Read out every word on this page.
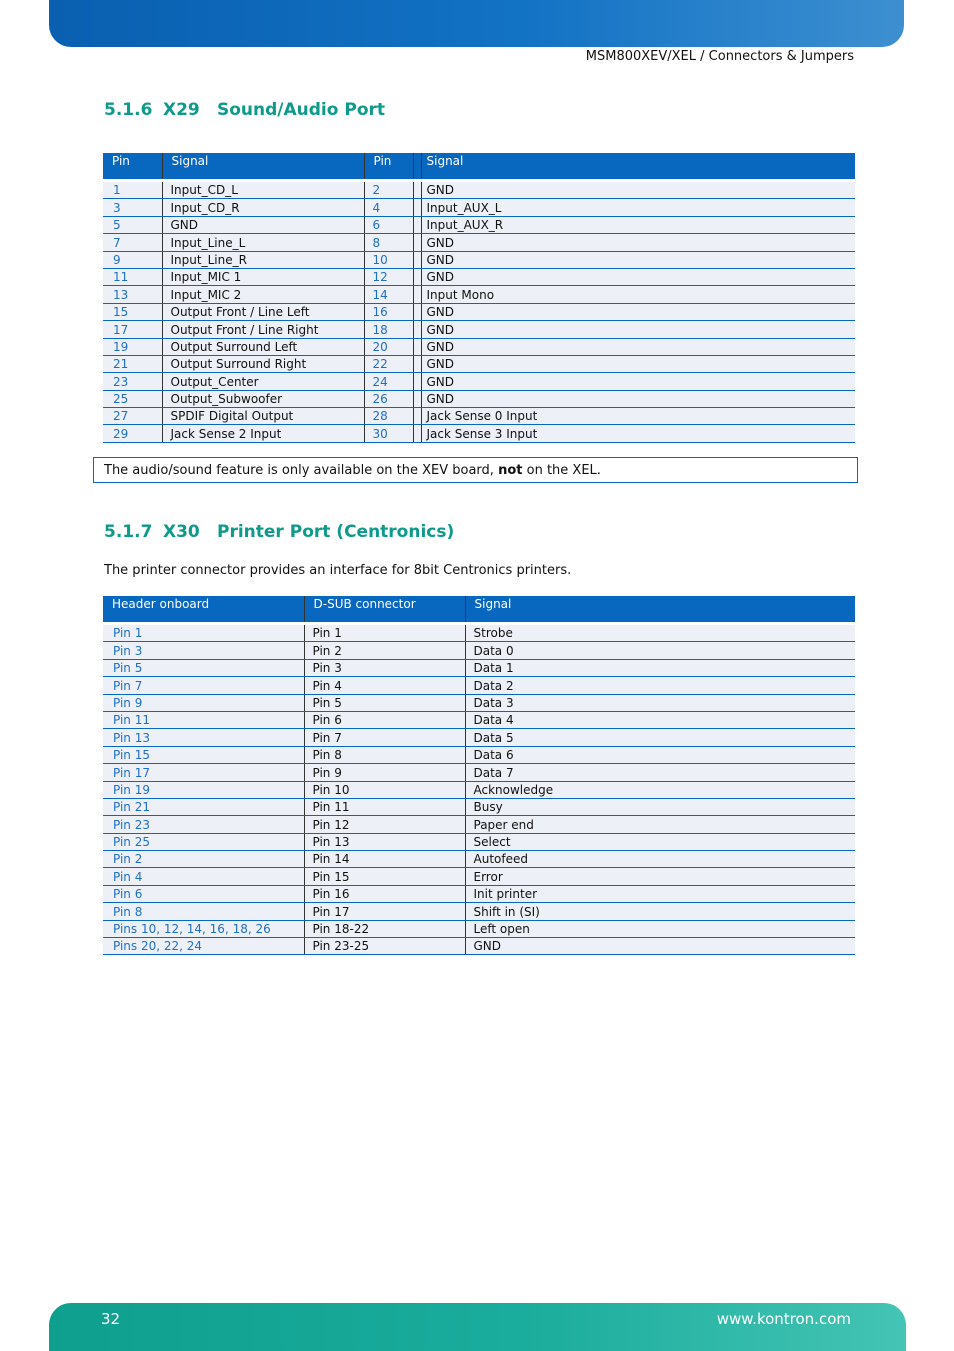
MSM800XEV/XEL / Connectors & Jumpers
5.1.6 X29 Sound/Audio Port
Pin	Signal	Pin		Signal

1	Input_CD_L	2		GND
3	Input_CD_R	4		Input_AUX_L
5	GND	6		Input_AUX_R
7	Input_Line_L	8		GND
9	Input_Line_R	10		GND
11	Input_MIC 1	12		GND
13	Input_MIC 2	14		Input Mono
15	Output Front / Line Left	16		GND
17	Output Front / Line Right	18		GND
19	Output Surround Left	20		GND
21	Output Surround Right	22		GND
23	Output_Center	24		GND
25	Output_Subwoofer	26		GND
27	SPDIF Digital Output	28		Jack Sense 0 Input
29	Jack Sense 2 Input	30		Jack Sense 3 Input
The audio/sound feature is only available on the XEV board, not on the XEL.
5.1.7 X30 Printer Port (Centronics)
The printer connector provides an interface for 8bit Centronics printers.
Header onboard	D-SUB connector	Signal

Pin 1	Pin 1	Strobe
Pin 3	Pin 2	Data 0
Pin 5	Pin 3	Data 1
Pin 7	Pin 4	Data 2
Pin 9	Pin 5	Data 3
Pin 11	Pin 6	Data 4
Pin 13	Pin 7	Data 5
Pin 15	Pin 8	Data 6
Pin 17	Pin 9	Data 7
Pin 19	Pin 10	Acknowledge
Pin 21	Pin 11	Busy
Pin 23	Pin 12	Paper end
Pin 25	Pin 13	Select
Pin 2	Pin 14	Autofeed
Pin 4	Pin 15	Error
Pin 6	Pin 16	Init printer
Pin 8	Pin 17	Shift in (SI)
Pins 10, 12, 14, 16, 18, 26	Pin 18-22	Left open
Pins 20, 22, 24	Pin 23-25	GND
32	www.kontron.com
